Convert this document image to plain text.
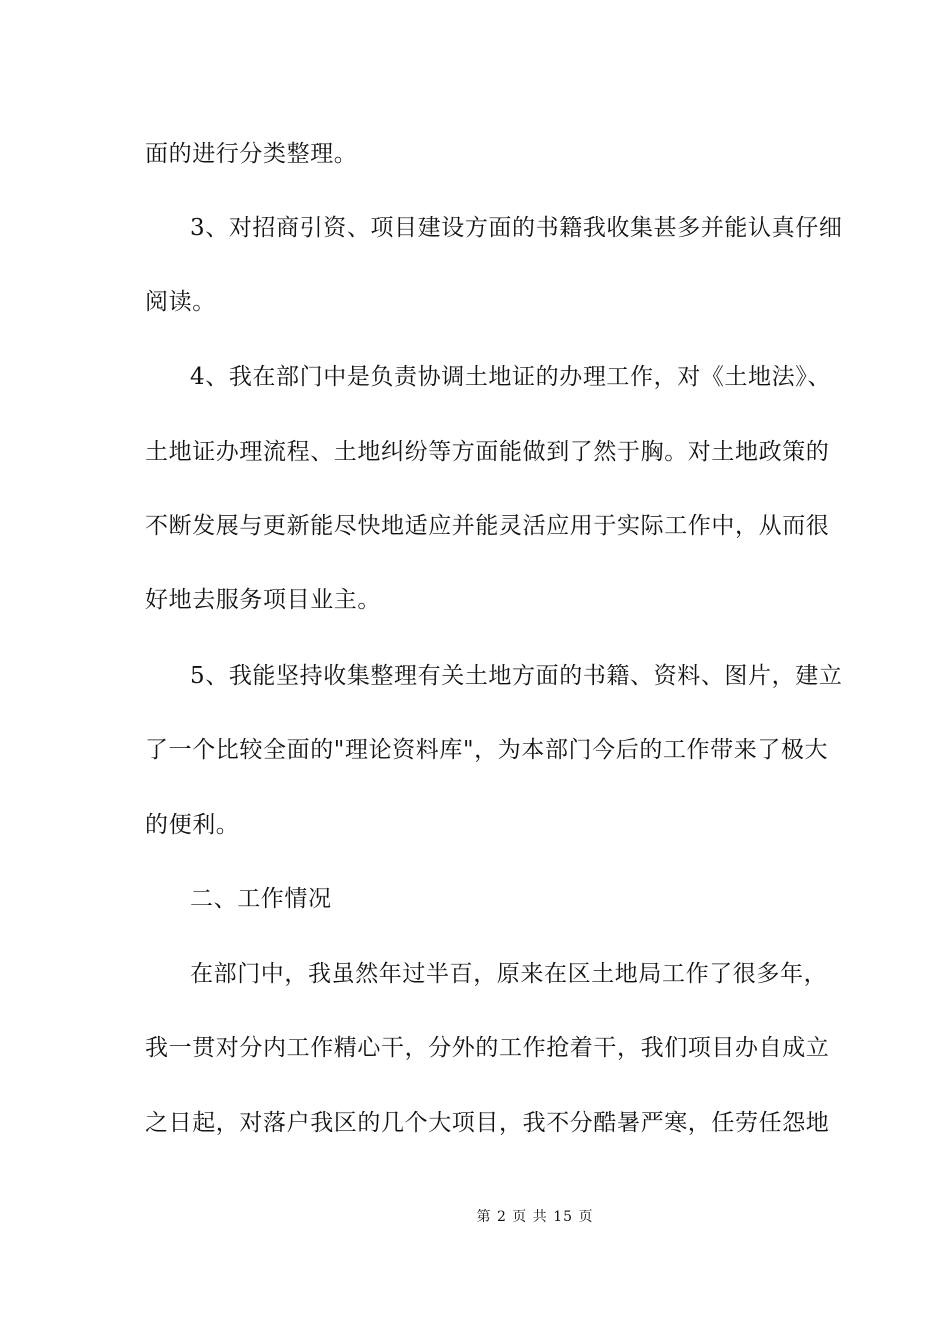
面的进行分类整理。
3、对招商引资、项目建设方面的书籍我收集甚多并能认真仔细
阅读。
4、我在部门中是负责协调土地证的办理工作，对《土地法》、
土地证办理流程、土地纠纷等方面能做到了然于胸。对土地政策的
不断发展与更新能尽快地适应并能灵活应用于实际工作中，从而很
好地去服务项目业主。
5、我能坚持收集整理有关土地方面的书籍、资料、图片，建立
了一个比较全面的"理论资料库"，为本部门今后的工作带来了极大
的便利。
二、工作情况
在部门中，我虽然年过半百，原来在区土地局工作了很多年，
我一贯对分内工作精心干，分外的工作抢着干，我们项目办自成立
之日起，对落户我区的几个大项目，我不分酷暑严寒，任劳任怨地
第 2 页 共 15 页
